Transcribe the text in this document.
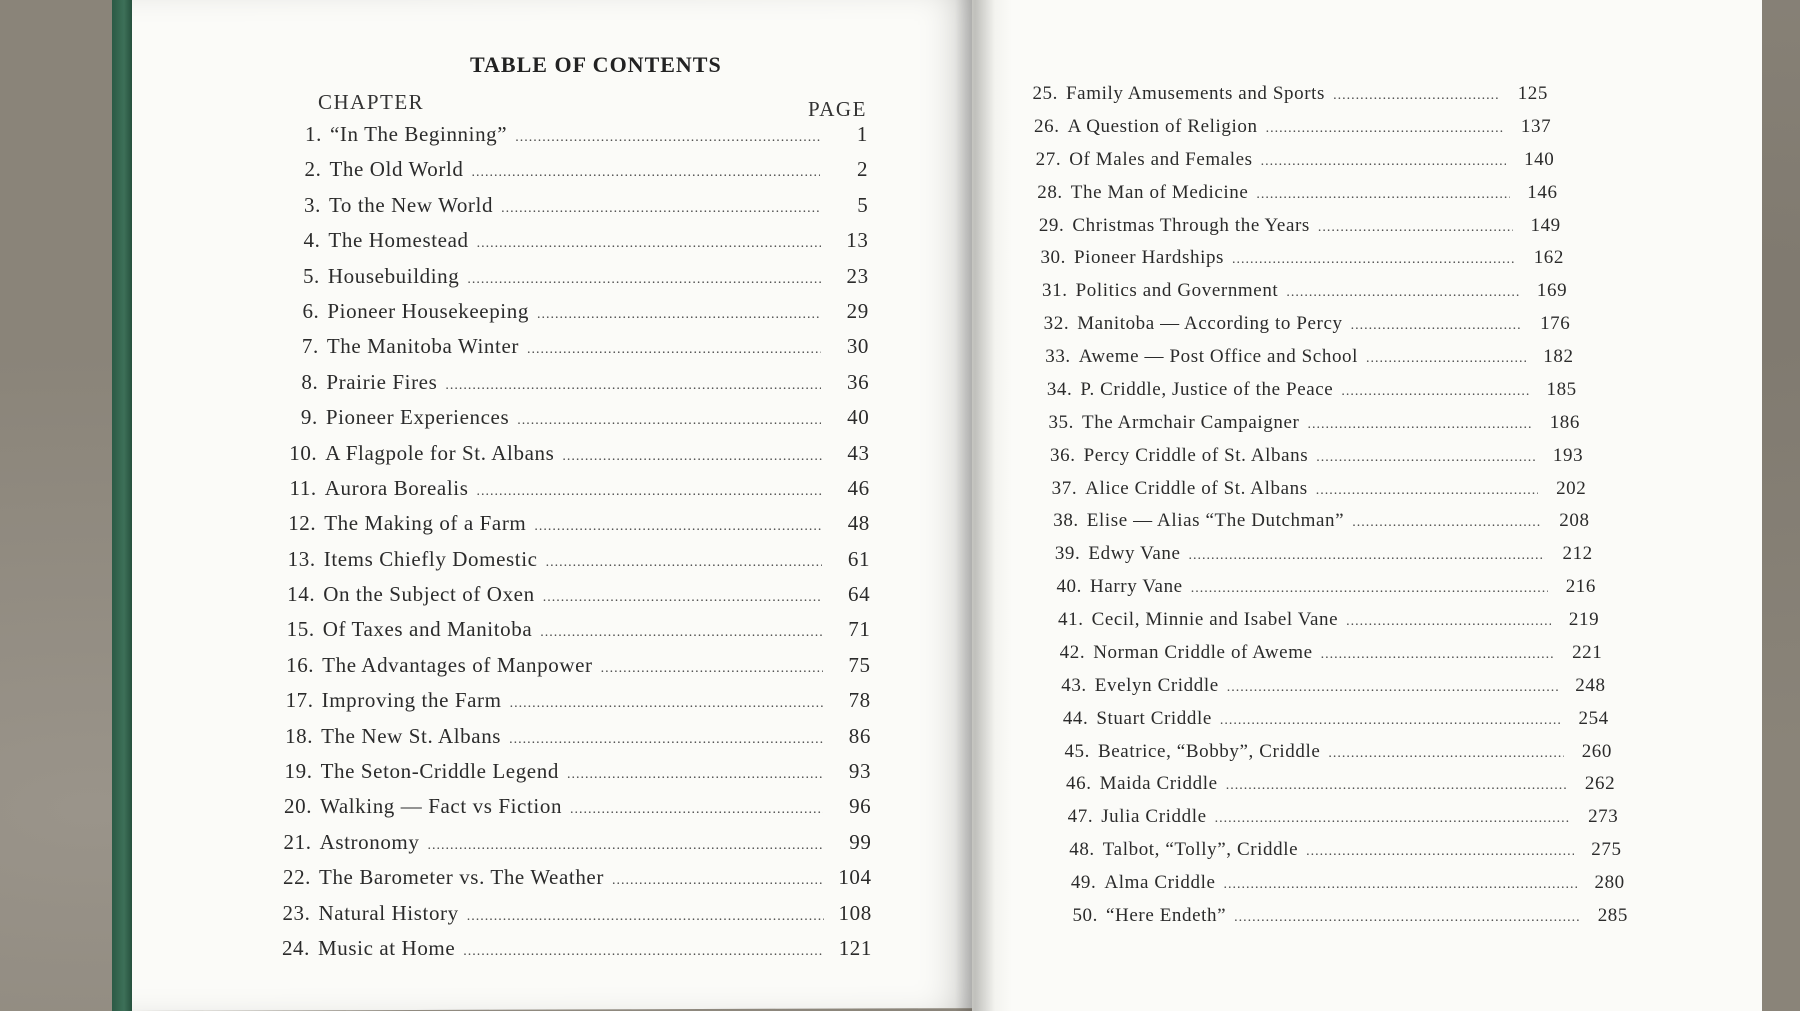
TABLE OF CONTENTS
CHAPTER	PAGE
1. “In The Beginning” .....	1
2. The Old World .....	2
3. To the New World .....	5
4. The Homestead .....	13
5. Housebuilding .....	23
6. Pioneer Housekeeping .....	29
7. The Manitoba Winter .....	30
8. Prairie Fires .....	36
9. Pioneer Experiences .....	40
10. A Flagpole for St. Albans .....	43
11. Aurora Borealis .....	46
12. The Making of a Farm .....	48
13. Items Chiefly Domestic .....	61
14. On the Subject of Oxen .....	64
15. Of Taxes and Manitoba .....	71
16. The Advantages of Manpower .....	75
17. Improving the Farm .....	78
18. The New St. Albans .....	86
19. The Seton-Criddle Legend .....	93
20. Walking — Fact vs Fiction .....	96
21. Astronomy .....	99
22. The Barometer vs. The Weather .....	104
23. Natural History .....	108
24. Music at Home .....	121
25. Family Amusements and Sports .....	125
26. A Question of Religion .....	137
27. Of Males and Females .....	140
28. The Man of Medicine .....	146
29. Christmas Through the Years .....	149
30. Pioneer Hardships .....	162
31. Politics and Government .....	169
32. Manitoba — According to Percy .....	176
33. Aweme — Post Office and School .....	182
34. P. Criddle, Justice of the Peace .....	185
35. The Armchair Campaigner .....	186
36. Percy Criddle of St. Albans .....	193
37. Alice Criddle of St. Albans .....	202
38. Elise — Alias “The Dutchman” .....	208
39. Edwy Vane .....	212
40. Harry Vane .....	216
41. Cecil, Minnie and Isabel Vane .....	219
42. Norman Criddle of Aweme .....	221
43. Evelyn Criddle .....	248
44. Stuart Criddle .....	254
45. Beatrice, “Bobby”, Criddle .....	260
46. Maida Criddle .....	262
47. Julia Criddle .....	273
48. Talbot, “Tolly”, Criddle .....	275
49. Alma Criddle .....	280
50. “Here Endeth” .....	285
